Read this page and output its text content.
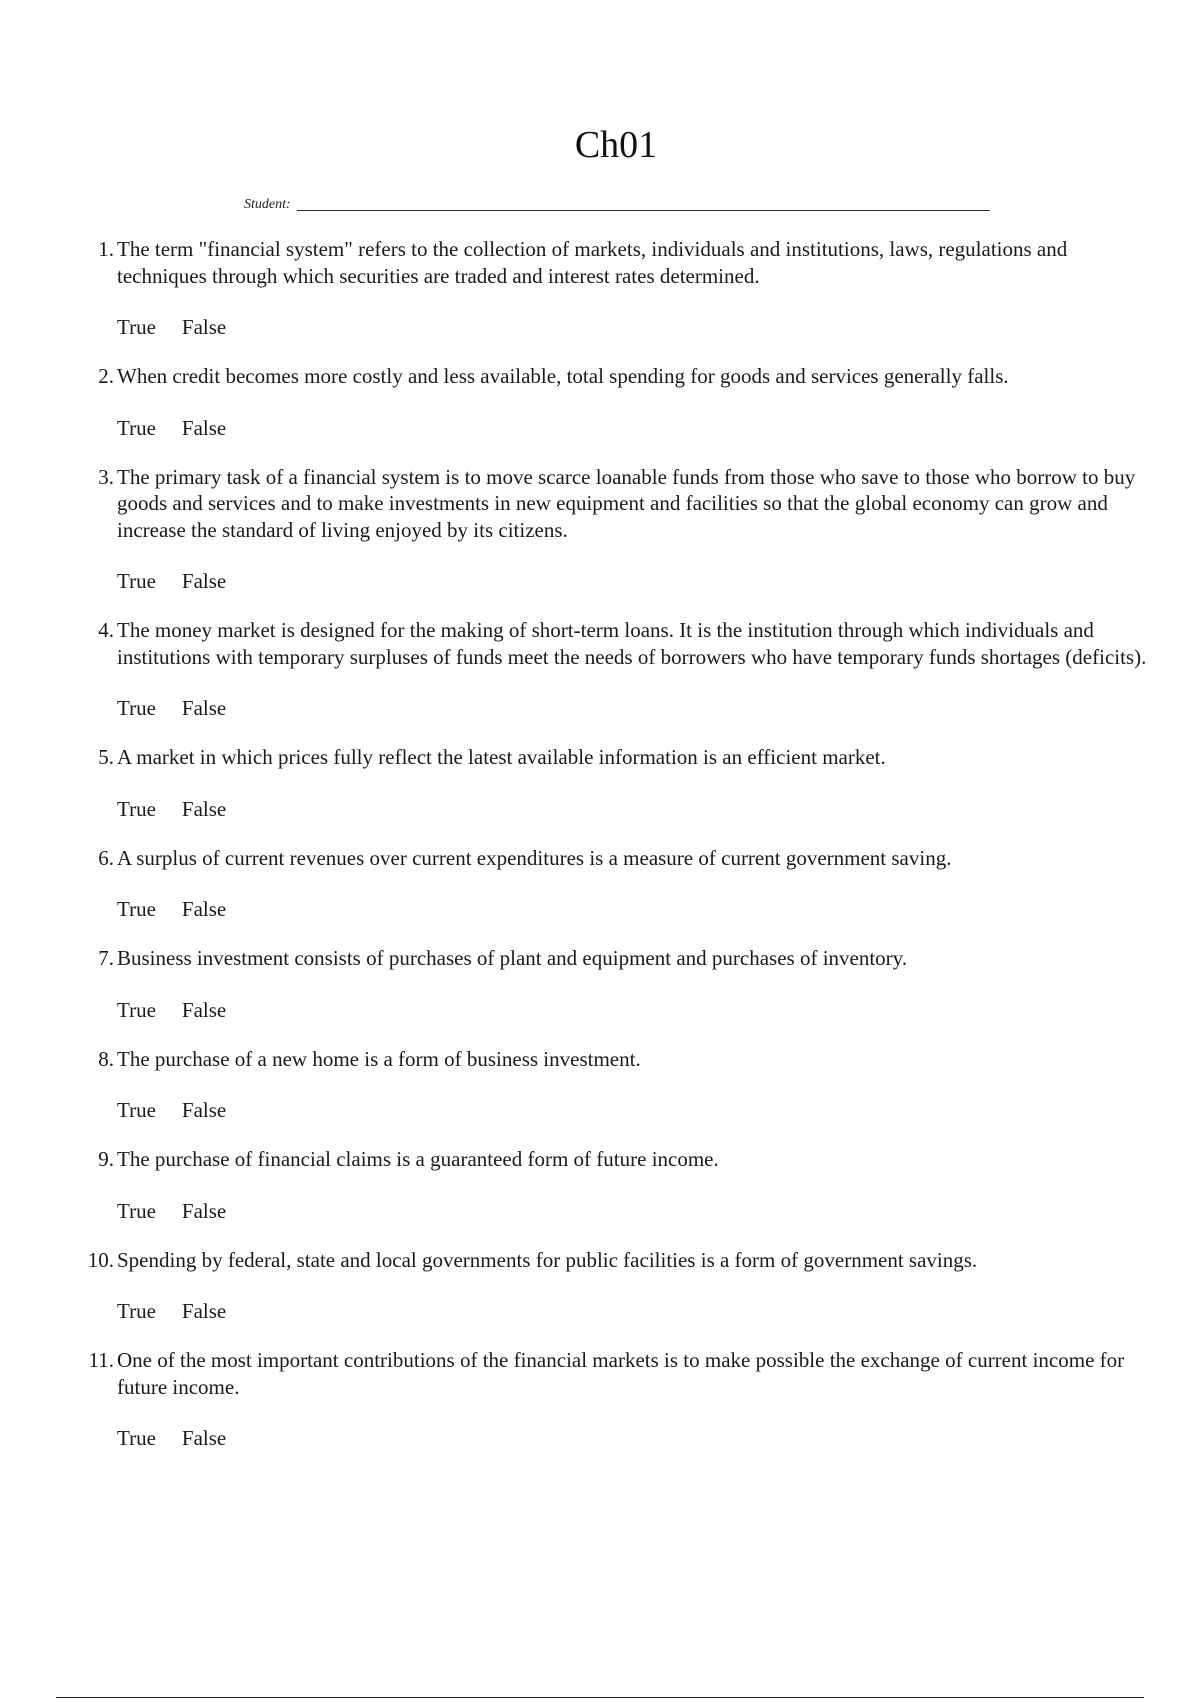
Ch01
Student:
1. The term "financial system" refers to the collection of markets, individuals and institutions, laws, regulations and techniques through which securities are traded and interest rates determined.
True False
2. When credit becomes more costly and less available, total spending for goods and services generally falls.
True False
3. The primary task of a financial system is to move scarce loanable funds from those who save to those who borrow to buy goods and services and to make investments in new equipment and facilities so that the global economy can grow and increase the standard of living enjoyed by its citizens.
True False
4. The money market is designed for the making of short-term loans. It is the institution through which individuals and institutions with temporary surpluses of funds meet the needs of borrowers who have temporary funds shortages (deficits).
True False
5. A market in which prices fully reflect the latest available information is an efficient market.
True False
6. A surplus of current revenues over current expenditures is a measure of current government saving.
True False
7. Business investment consists of purchases of plant and equipment and purchases of inventory.
True False
8. The purchase of a new home is a form of business investment.
True False
9. The purchase of financial claims is a guaranteed form of future income.
True False
10. Spending by federal, state and local governments for public facilities is a form of government savings.
True False
11. One of the most important contributions of the financial markets is to make possible the exchange of current income for future income.
True False
